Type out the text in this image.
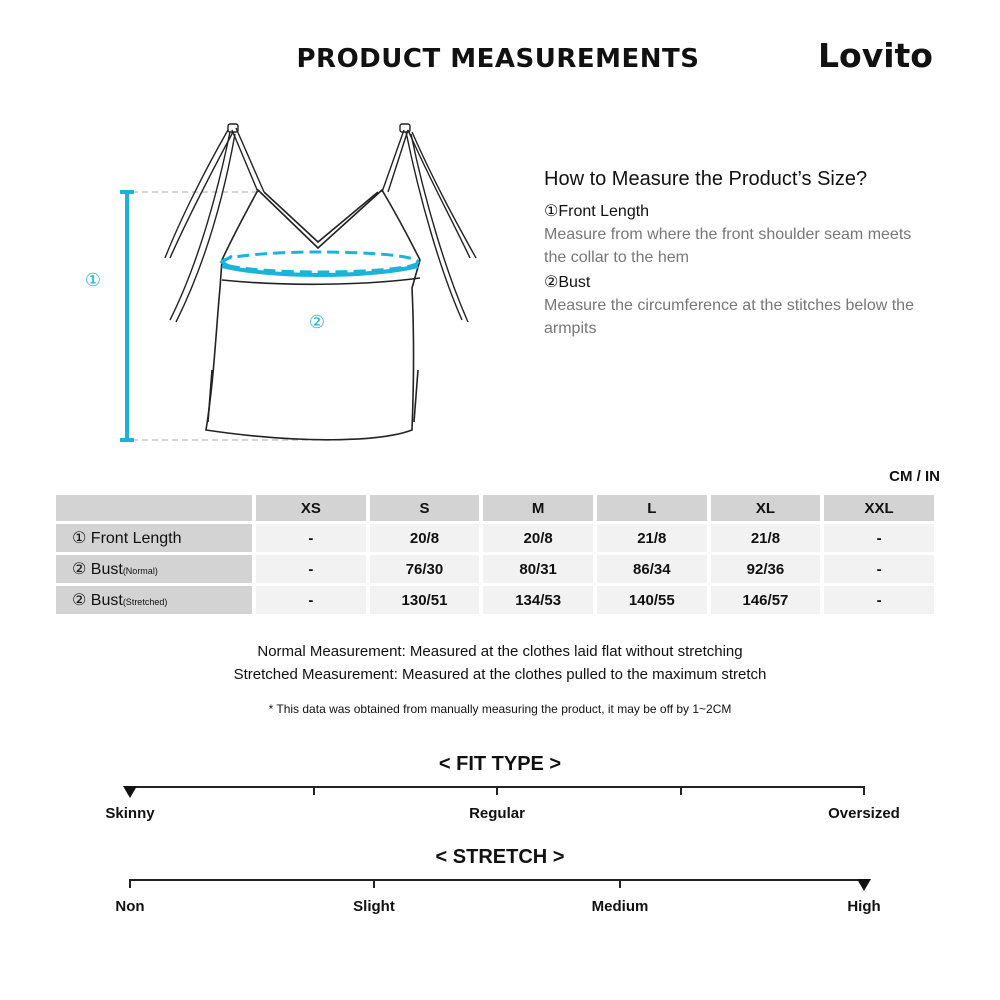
PRODUCT MEASUREMENTS	Lovito
①
②
How to Measure the Product’s Size?
①Front Length
Measure from where the front shoulder seam meets the collar to the hem
②Bust
Measure the circumference at the stitches below the armpits
CM / IN
	XS	S	M	L	XL	XXL
① Front Length	-	20/8	20/8	21/8	21/8	-
② Bust(Normal)	-	76/30	80/31	86/34	92/36	-
② Bust(Stretched)	-	130/51	134/53	140/55	146/57	-
Normal Measurement: Measured at the clothes laid flat without stretching
Stretched Measurement: Measured at the clothes pulled to the maximum stretch
* This data was obtained from manually measuring the product, it may be off by 1~2CM
< FIT TYPE >
Skinny	Regular	Oversized
< STRETCH >
Non	Slight	Medium	High
